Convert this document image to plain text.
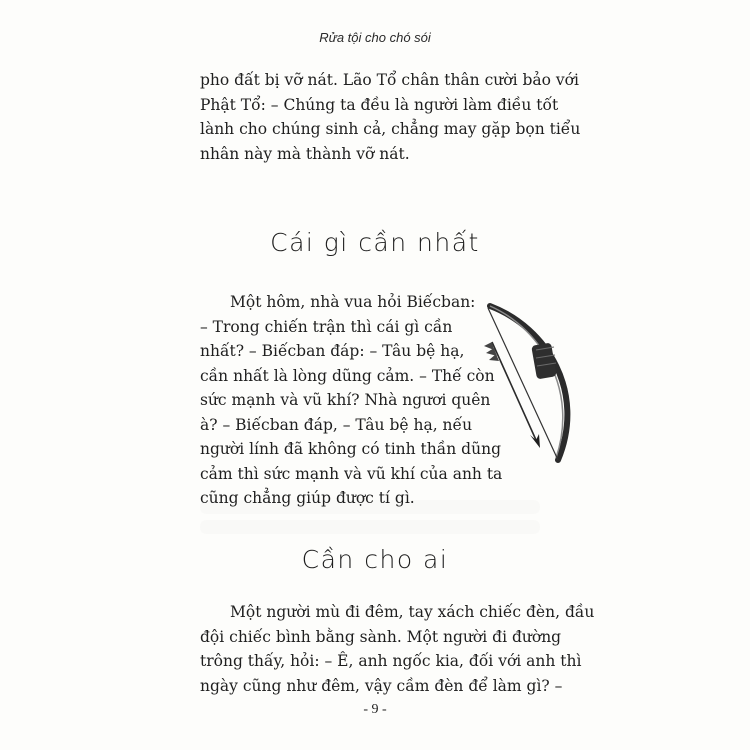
Rửa tội cho chó sói

pho đất bị vỡ nát. Lão Tổ chân thân cười bảo với
Phật Tổ: – Chúng ta đều là người làm điều tốt
lành cho chúng sinh cả, chẳng may gặp bọn tiểu
nhân này mà thành vỡ nát.

Cái gì cần nhất

Một hôm, nhà vua hỏi Biếcban:
– Trong chiến trận thì cái gì cần
nhất? – Biếcban đáp: – Tâu bệ hạ,
cần nhất là lòng dũng cảm. – Thế còn
sức mạnh và vũ khí? Nhà ngươi quên
à? – Biếcban đáp, – Tâu bệ hạ, nếu
người lính đã không có tinh thần dũng
cảm thì sức mạnh và vũ khí của anh ta
cũng chẳng giúp được tí gì.

Cần cho ai

Một người mù đi đêm, tay xách chiếc đèn, đầu
đội chiếc bình bằng sành. Một người đi đường
trông thấy, hỏi: – Ê, anh ngốc kia, đối với anh thì
ngày cũng như đêm, vậy cầm đèn để làm gì? –

- 9 -
